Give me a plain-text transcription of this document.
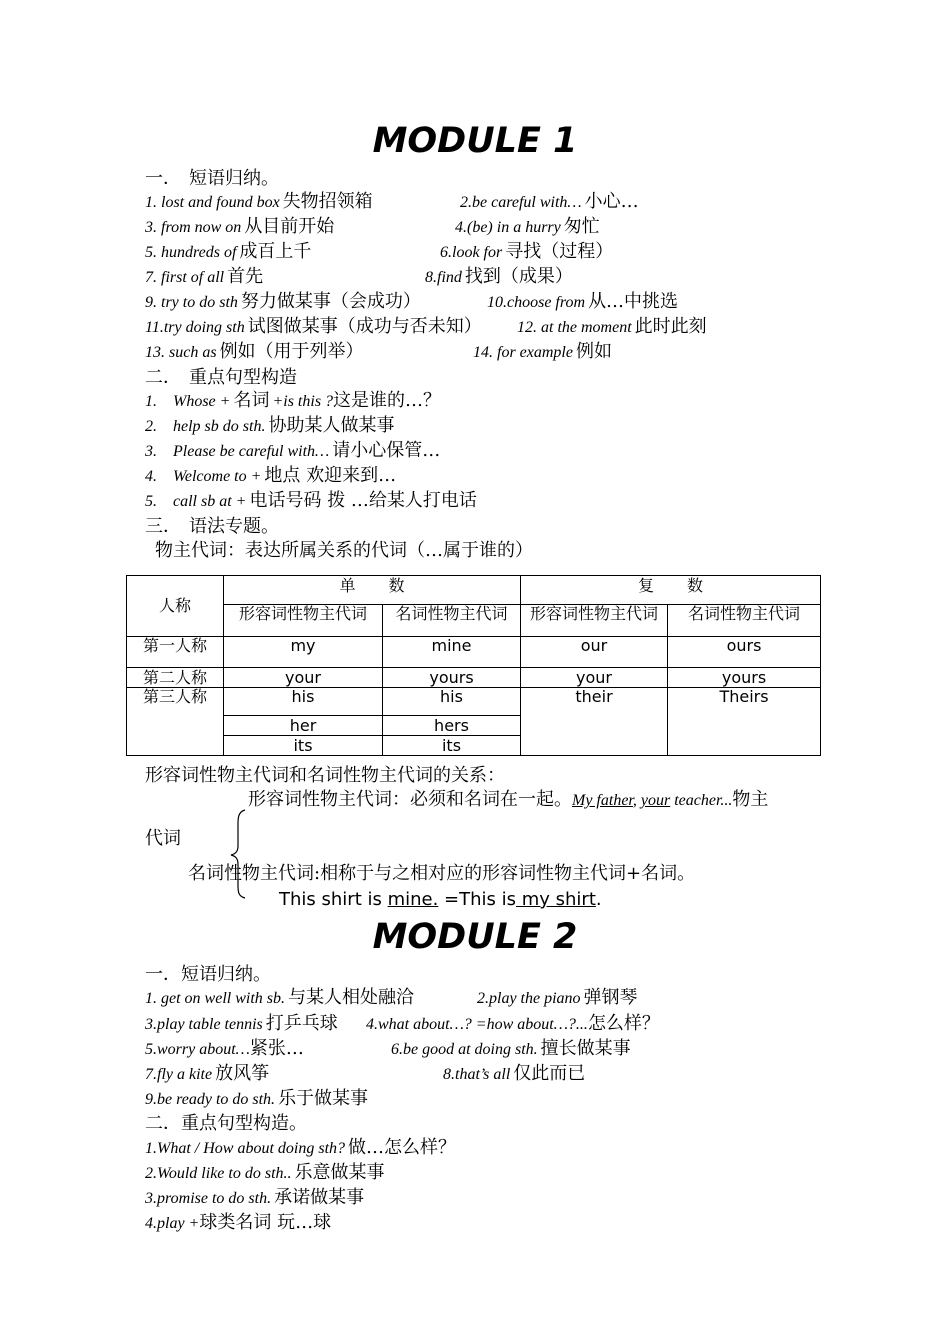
MODULE 1
一． 短语归纳。
1. lost and found box 失物招领箱	2.be careful with… 小心…
3. from now on 从目前开始	4.(be) in a hurry 匆忙
5. hundreds of 成百上千	6.look for 寻找（过程）
7. first of all 首先	8.find 找到（成果）
9. try to do sth 努力做某事（会成功）	10.choose from 从…中挑选
11.try doing sth 试图做某事（成功与否未知） 12. at the moment 此时此刻
13. such as 例如（用于列举）	14. for example 例如
二． 重点句型构造
1. Whose + 名词 +is this ?这是谁的…？
2. help sb do sth. 协助某人做某事
3. Please be careful with… 请小心保管…
4. Welcome to + 地点 欢迎来到…
5. call sb at + 电话号码 拨 …给某人打电话
三． 语法专题。
物主代词：表达所属关系的代词（…属于谁的）
人称	单 数		复 数	
	形容词性物主代词	名词性物主代词	形容词性物主代词	名词性物主代词
第一人称	my	mine	our	ours
第二人称	your	yours	your	yours
第三人称	his	his	their	Theirs
	her	hers		
	its	its		
形容词性物主代词和名词性物主代词的关系：
形容词性物主代词：必须和名词在一起。My father, your teacher...物主
代词
名词性物主代词:相称于与之相对应的形容词性物主代词+名词。
This shirt is mine. =This is my shirt.
MODULE 2
一．短语归纳。
1. get on well with sb. 与某人相处融洽	2.play the piano 弹钢琴
3.play table tennis 打乒乓球 4.what about…? =how about…?...怎么样？
5.worry about…紧张…	6.be good at doing sth. 擅长做某事
7.fly a kite 放风筝	8.that’s all 仅此而已
9.be ready to do sth. 乐于做某事
二．重点句型构造。
1.What / How about doing sth? 做…怎么样？
2.Would like to do sth.. 乐意做某事
3.promise to do sth. 承诺做某事
4.play +球类名词 玩…球
